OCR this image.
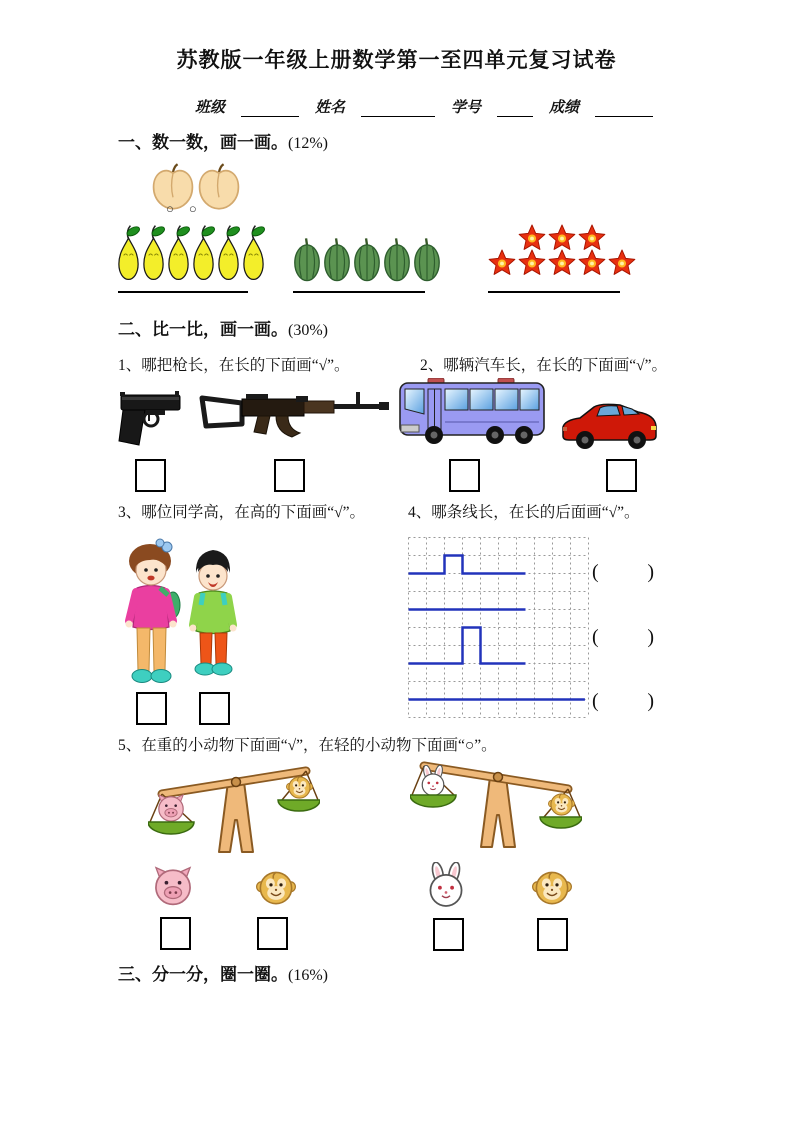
苏教版一年级上册数学第一至四单元复习试卷
班级	姓名	学号	成绩
一、数一数，画一画。(12%)
○ ○
二、比一比，画一画。(30%)
1、哪把枪长，在长的下面画“√”。	2、哪辆汽车长，在长的下面画“√”。
3、哪位同学高，在高的下面画“√”。	4、哪条线长，在长的后面画“√”。
( )
( )
( )
5、在重的小动物下面画“√”，在轻的小动物下面画“○”。
三、分一分，圈一圈。(16%)
